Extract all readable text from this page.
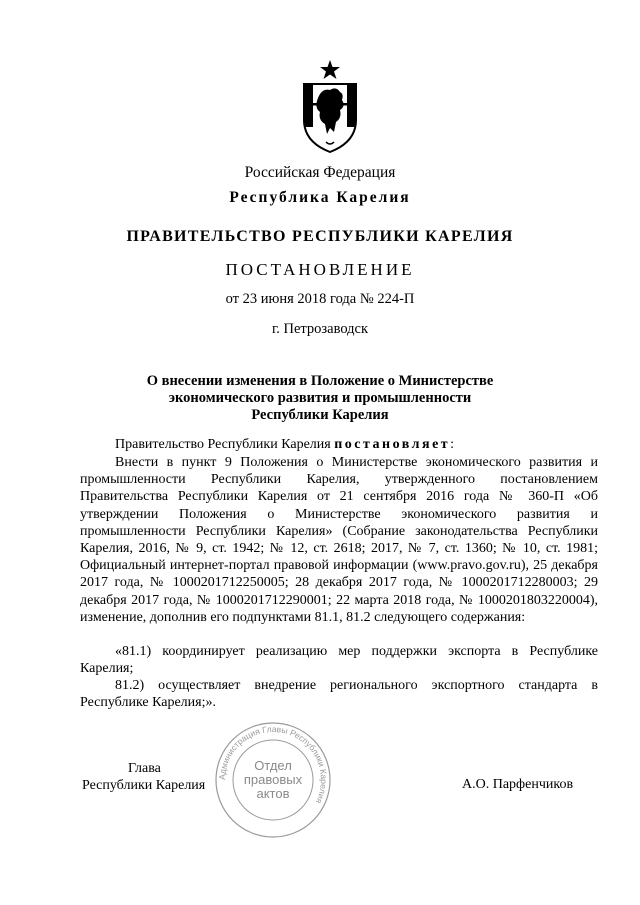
Российская Федерация
Республика Карелия
ПРАВИТЕЛЬСТВО РЕСПУБЛИКИ КАРЕЛИЯ
ПОСТАНОВЛЕНИЕ
от 23 июня 2018 года № 224-П
г. Петрозаводск
О внесении изменения в Положение о Министерстве
экономического развития и промышленности
Республики Карелия
Правительство Республики Карелия постановляет:

Внести в пункт 9 Положения о Министерстве экономического развития и промышленности Республики Карелия, утвержденного постановлением Правительства Республики Карелия от 21 сентября 2016 года № 360-П «Об утверждении Положения о Министерстве экономического развития и промышленности Республики Карелия» (Собрание законодательства Республики Карелия, 2016, № 9, ст. 1942; № 12, ст. 2618; 2017, № 7, ст. 1360; № 10, ст. 1981; Официальный интернет-портал правовой информации (www.pravo.gov.ru), 25 декабря 2017 года, № 1000201712250005; 28 декабря 2017 года, № 1000201712280003; 29 декабря 2017 года, № 1000201712290001; 22 марта 2018 года, № 1000201803220004), изменение, дополнив его подпунктами 81.1, 81.2 следующего содержания:

«81.1) координирует реализацию мер поддержки экспорта в Республике Карелия;

81.2) осуществляет внедрение регионального экспортного стандарта в Республике Карелия;».

Администрация Главы Республики Карелия
Отдел
правовых
актов
Глава
Республики Карелия	А.О. Парфенчиков
